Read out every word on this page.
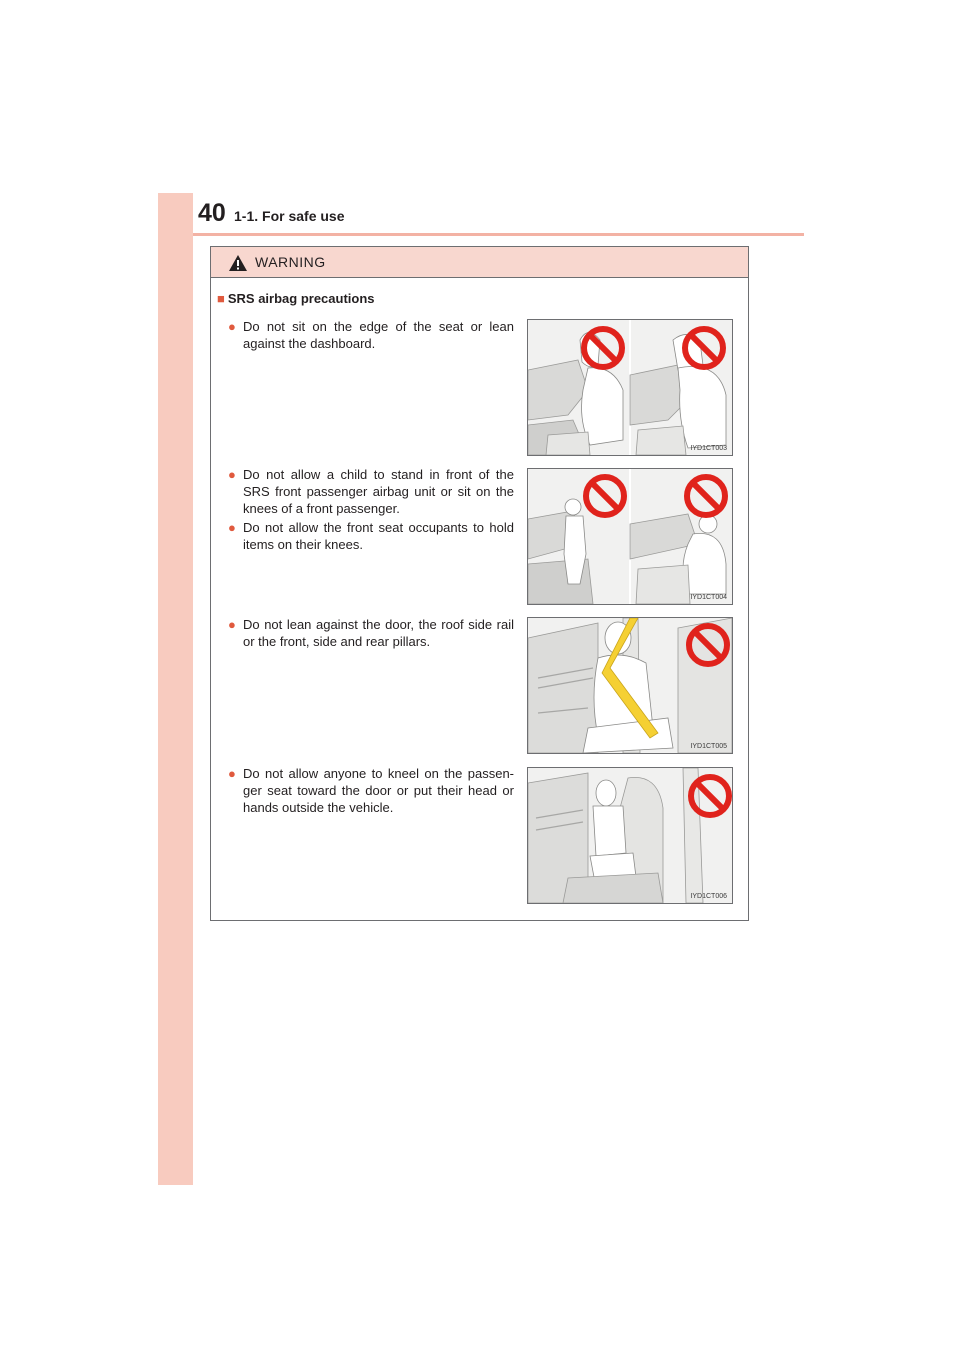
40 1-1. For safe use
WARNING
■ SRS airbag precautions
● Do not sit on the edge of the seat or lean against the dashboard.
● Do not allow a child to stand in front of the SRS front passenger airbag unit or sit on the knees of a front passenger.
● Do not allow the front seat occupants to hold items on their knees.
● Do not lean against the door, the roof side rail or the front, side and rear pillars.
● Do not allow anyone to kneel on the passen- ger seat toward the door or put their head or hands outside the vehicle.
IYD1CT003
IYD1CT004
IYD1CT005
IYD1CT006
